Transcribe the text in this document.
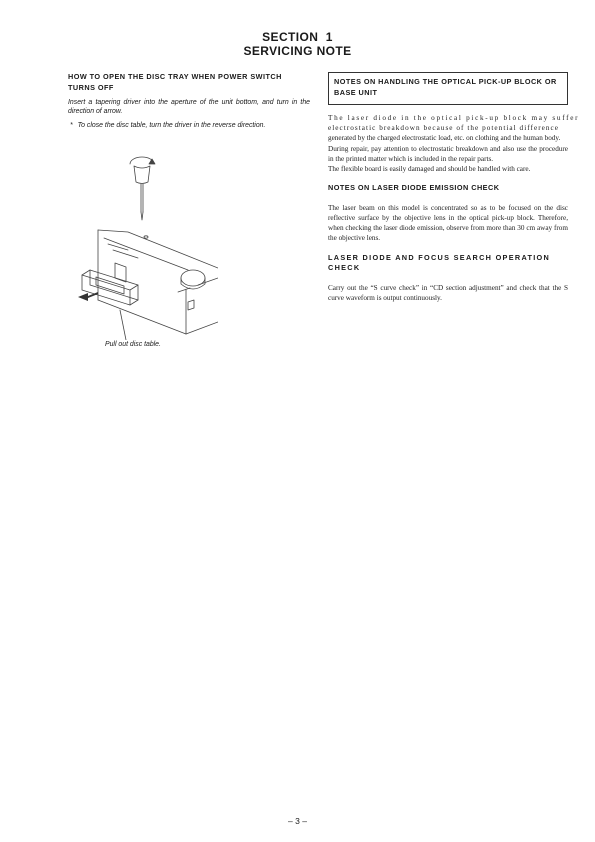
SECTION  1
SERVICING NOTE

HOW TO OPEN THE DISC TRAY WHEN POWER SWITCH TURNS OFF

Insert a tapering driver into the aperture of the unit bottom, and turn in the direction of arrow.

* To close the disc table, turn the driver in the reverse direction.

Pull out disc table.

NOTES ON HANDLING THE OPTICAL PICK-UP BLOCK OR BASE UNIT

The laser diode in the optical pick-up block may suffer
electrostatic breakdown because of the potential difference
generated by the charged electrostatic load, etc. on clothing and the human body.
During repair, pay attention to electrostatic breakdown and also use the procedure in the printed matter which is included in the repair parts.
The flexible board is easily damaged and should be handled with care.

NOTES ON LASER DIODE EMISSION CHECK

The laser beam on this model is concentrated so as to be focused on the disc reflective surface by the objective lens in the optical pick-up block. Therefore, when checking the laser diode emission, observe from more than 30 cm away from the objective lens.

LASER DIODE AND FOCUS SEARCH OPERATION CHECK

Carry out the “S curve check” in “CD section adjustment” and check that the S curve waveform is output continuously.

– 3 –
